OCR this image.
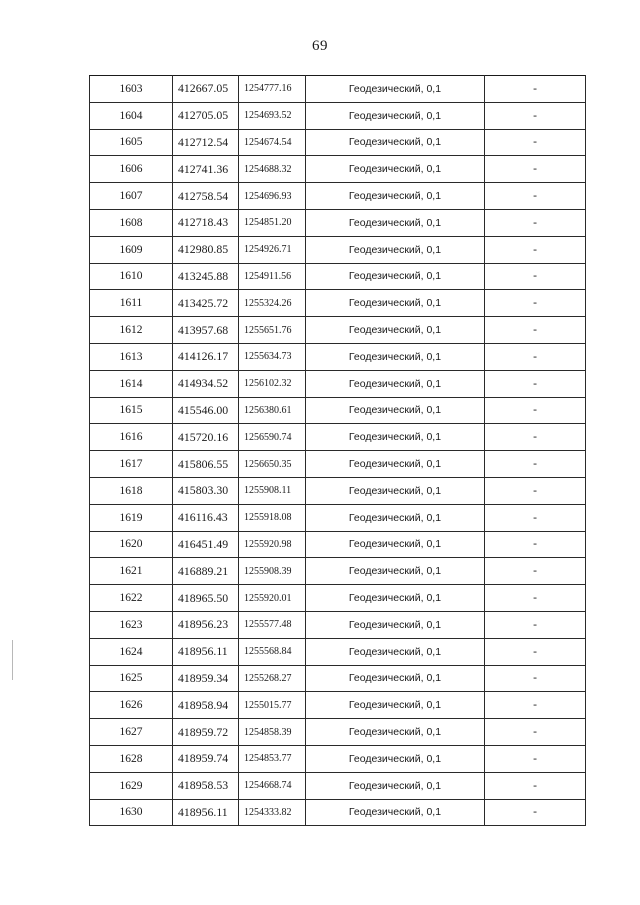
69
1603	412667.05	1254777.16	Геодезический, 0,1	-
1604	412705.05	1254693.52	Геодезический, 0,1	-
1605	412712.54	1254674.54	Геодезический, 0,1	-
1606	412741.36	1254688.32	Геодезический, 0,1	-
1607	412758.54	1254696.93	Геодезический, 0,1	-
1608	412718.43	1254851.20	Геодезический, 0,1	-
1609	412980.85	1254926.71	Геодезический, 0,1	-
1610	413245.88	1254911.56	Геодезический, 0,1	-
1611	413425.72	1255324.26	Геодезический, 0,1	-
1612	413957.68	1255651.76	Геодезический, 0,1	-
1613	414126.17	1255634.73	Геодезический, 0,1	-
1614	414934.52	1256102.32	Геодезический, 0,1	-
1615	415546.00	1256380.61	Геодезический, 0,1	-
1616	415720.16	1256590.74	Геодезический, 0,1	-
1617	415806.55	1256650.35	Геодезический, 0,1	-
1618	415803.30	1255908.11	Геодезический, 0,1	-
1619	416116.43	1255918.08	Геодезический, 0,1	-
1620	416451.49	1255920.98	Геодезический, 0,1	-
1621	416889.21	1255908.39	Геодезический, 0,1	-
1622	418965.50	1255920.01	Геодезический, 0,1	-
1623	418956.23	1255577.48	Геодезический, 0,1	-
1624	418956.11	1255568.84	Геодезический, 0,1	-
1625	418959.34	1255268.27	Геодезический, 0,1	-
1626	418958.94	1255015.77	Геодезический, 0,1	-
1627	418959.72	1254858.39	Геодезический, 0,1	-
1628	418959.74	1254853.77	Геодезический, 0,1	-
1629	418958.53	1254668.74	Геодезический, 0,1	-
1630	418956.11	1254333.82	Геодезический, 0,1	-
